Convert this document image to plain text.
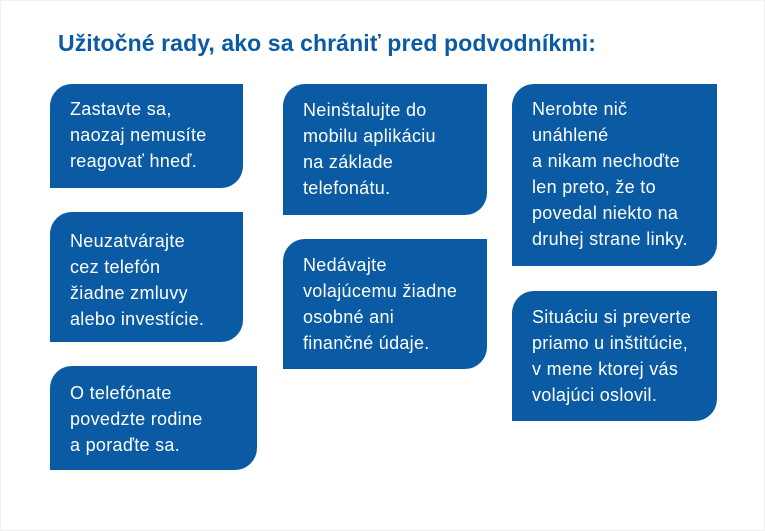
Užitočné rady, ako sa chrániť pred podvodníkmi:
Zastavte sa,
naozaj nemusíte
reagovať hneď.
Neuzatvárajte
cez telefón
žiadne zmluvy
alebo investície.
O telefónate
povedzte rodine
a poraďte sa.
Neinštalujte do
mobilu aplikáciu
na základe
telefonátu.
Nedávajte
volajúcemu žiadne
osobné ani
finančné údaje.
Nerobte nič
unáhlené
a nikam nechoďte
len preto, že to
povedal niekto na
druhej strane linky.
Situáciu si preverte
priamo u inštitúcie,
v mene ktorej vás
volajúci oslovil.
